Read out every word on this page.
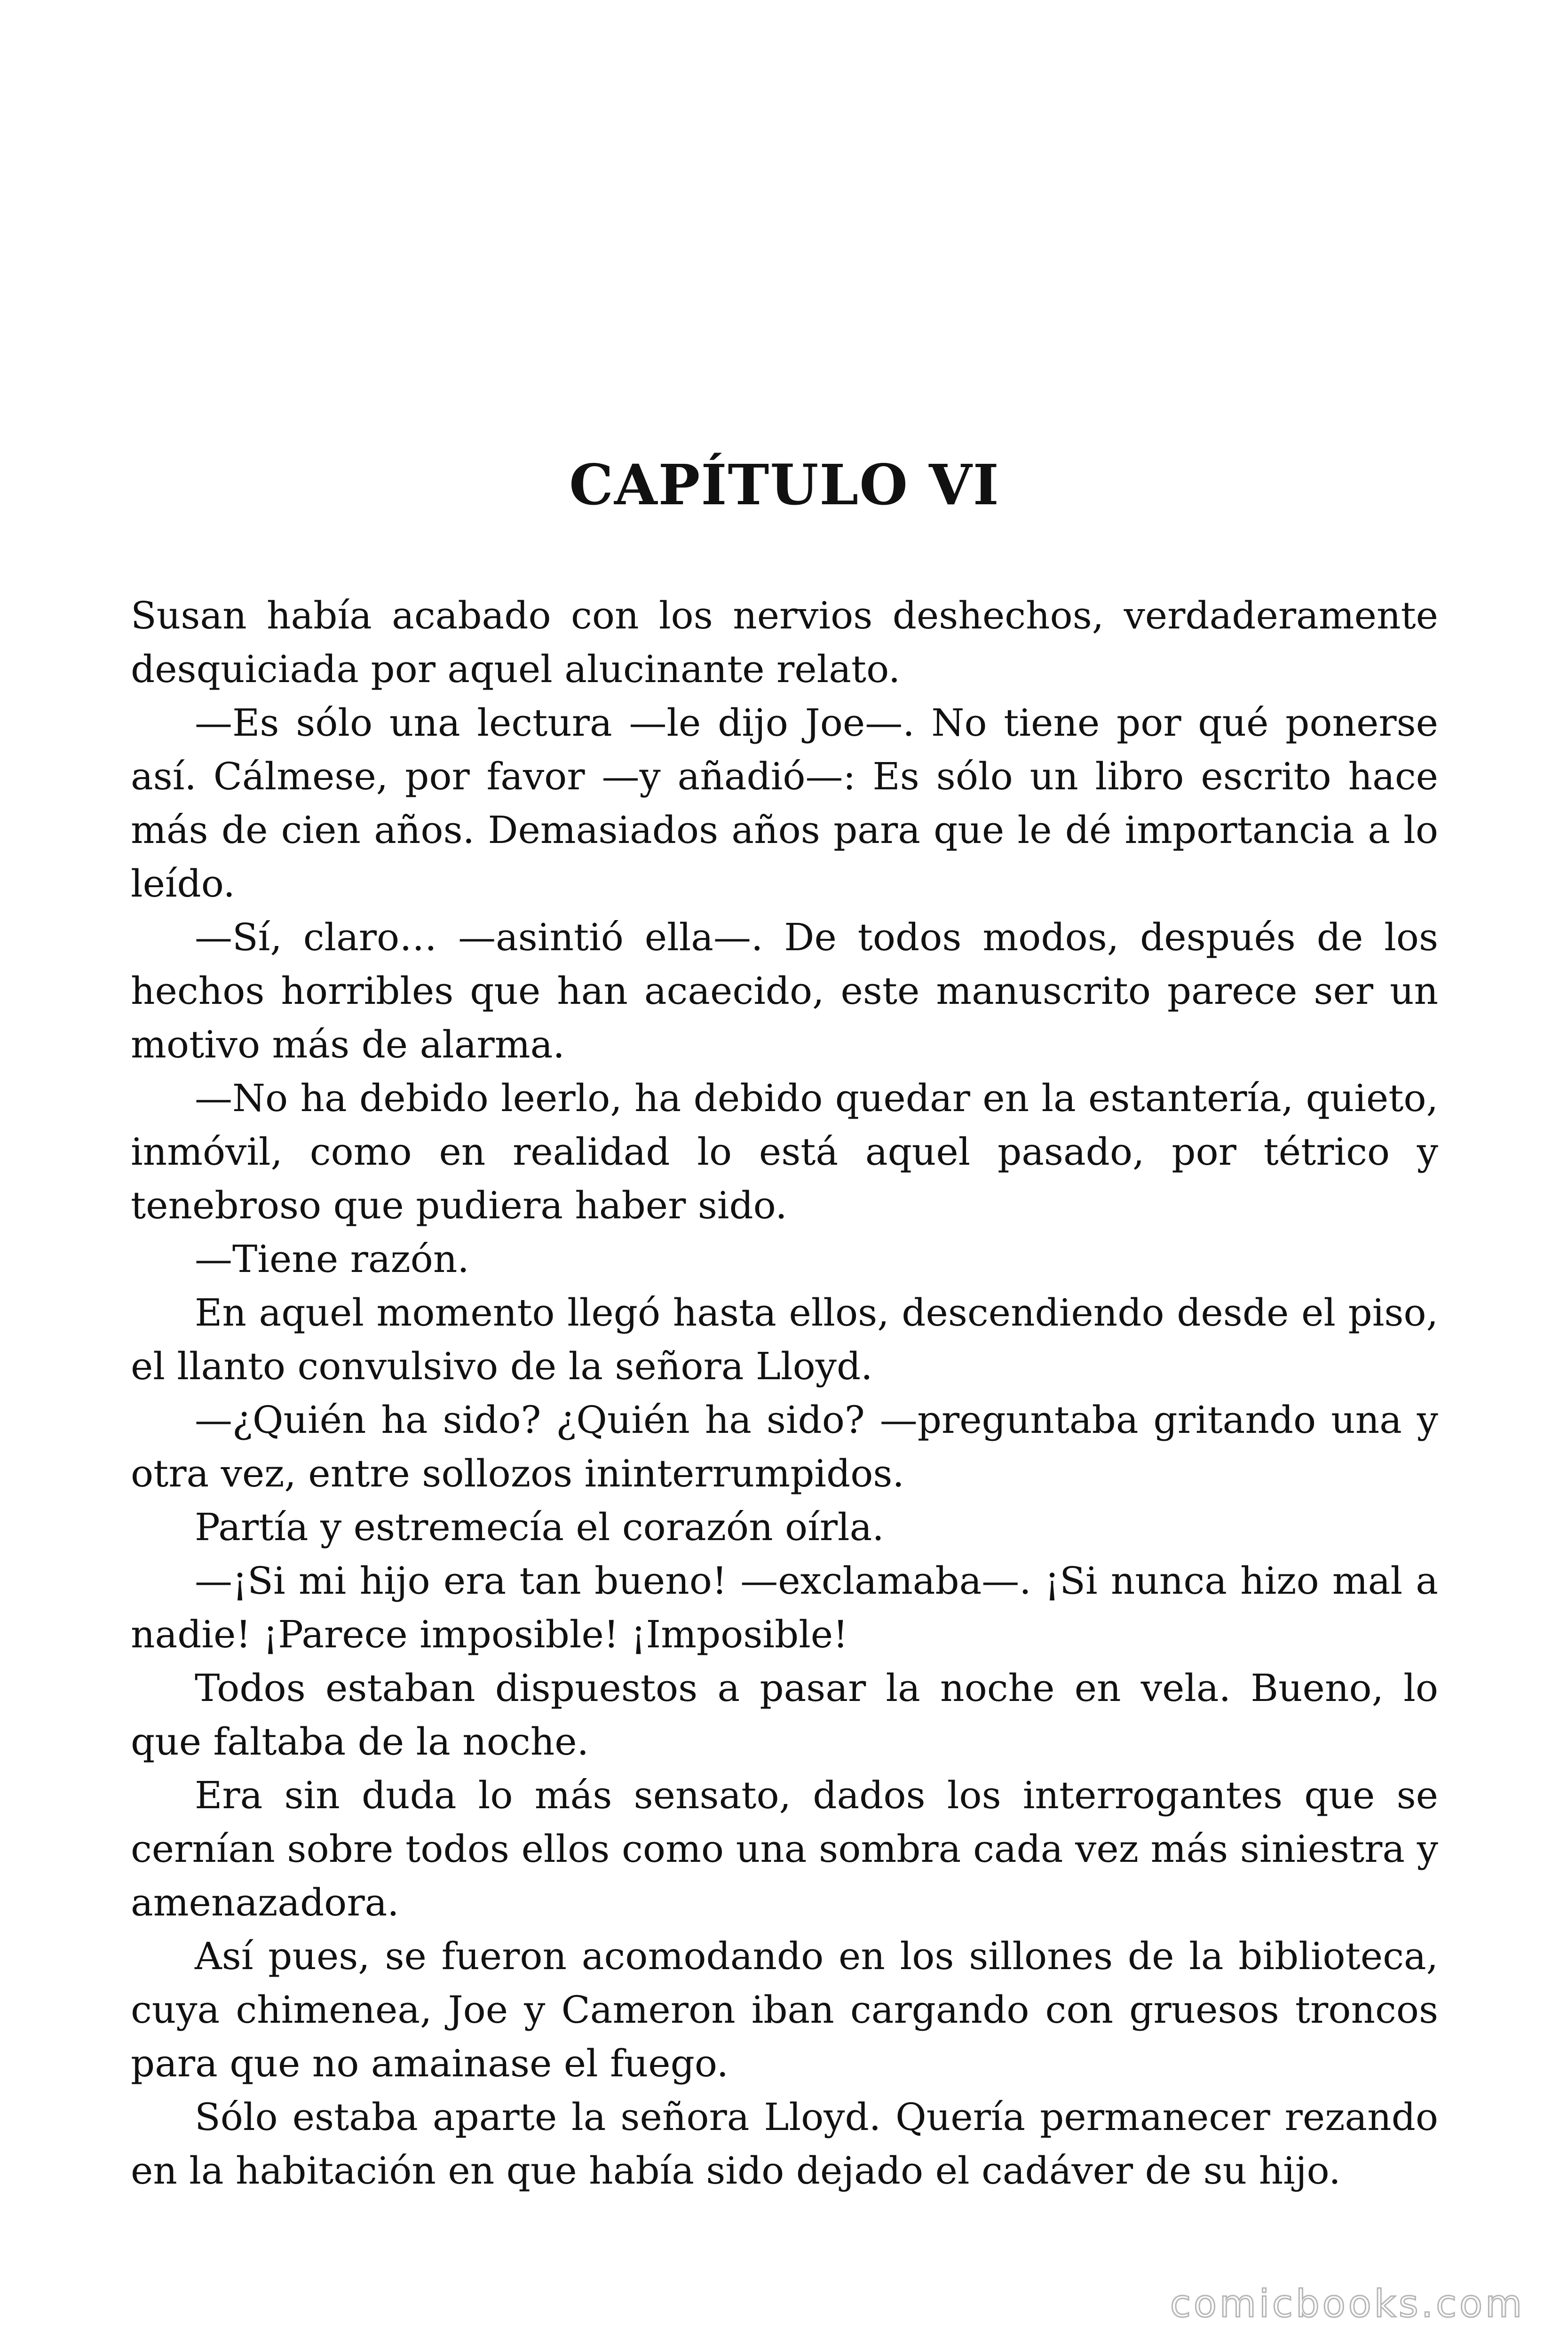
CAPÍTULO VI

Susan había acabado con los nervios deshechos, verdaderamente desquiciada por aquel alucinante relato.

—Es sólo una lectura —le dijo Joe—. No tiene por qué ponerse así. Cálmese, por favor —y añadió—: Es sólo un libro escrito hace más de cien años. Demasiados años para que le dé importancia a lo leído.

—Sí, claro… —asintió ella—. De todos modos, después de los hechos horribles que han acaecido, este manuscrito parece ser un motivo más de alarma.

—No ha debido leerlo, ha debido quedar en la estantería, quieto, inmóvil, como en realidad lo está aquel pasado, por tétrico y tenebroso que pudiera haber sido.

—Tiene razón.

En aquel momento llegó hasta ellos, descendiendo desde el piso, el llanto convulsivo de la señora Lloyd.

—¿Quién ha sido? ¿Quién ha sido? —preguntaba gritando una y otra vez, entre sollozos ininterrumpidos.

Partía y estremecía el corazón oírla.

—¡Si mi hijo era tan bueno! —exclamaba—. ¡Si nunca hizo mal a nadie! ¡Parece imposible! ¡Imposible!

Todos estaban dispuestos a pasar la noche en vela. Bueno, lo que faltaba de la noche.

Era sin duda lo más sensato, dados los interrogantes que se cernían sobre todos ellos como una sombra cada vez más siniestra y amenazadora.

Así pues, se fueron acomodando en los sillones de la biblioteca, cuya chimenea, Joe y Cameron iban cargando con gruesos troncos para que no amainase el fuego.

Sólo estaba aparte la señora Lloyd. Quería permanecer rezando en la habitación en que había sido dejado el cadáver de su hijo.

comicbooks.com
